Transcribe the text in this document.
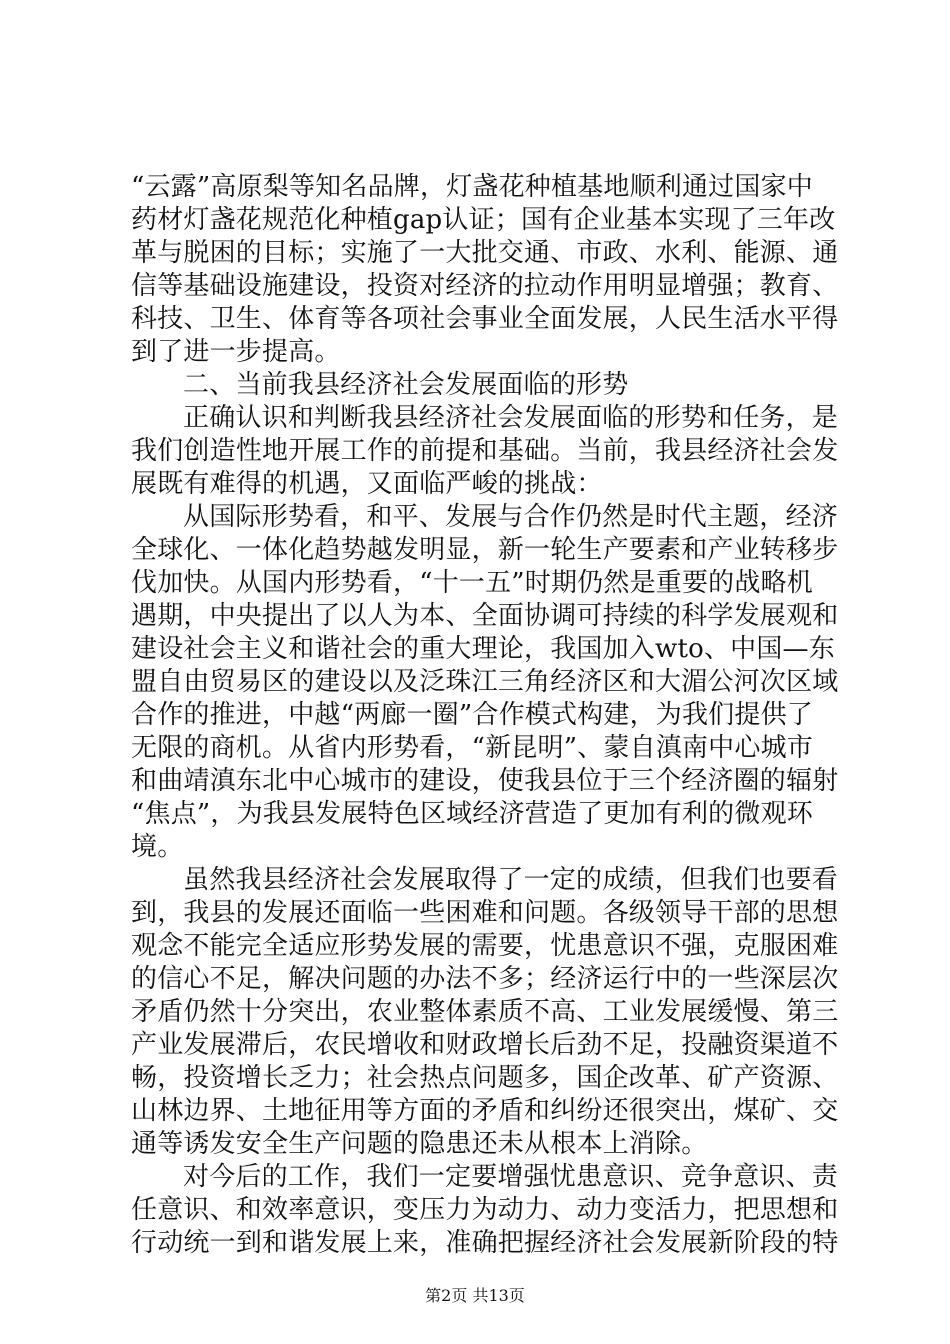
“云露”高原梨等知名品牌，灯盏花种植基地顺利通过国家中
药材灯盏花规范化种植gap认证；国有企业基本实现了三年改
革与脱困的目标；实施了一大批交通、市政、水利、能源、通
信等基础设施建设，投资对经济的拉动作用明显增强；教育、
科技、卫生、体育等各项社会事业全面发展，人民生活水平得
到了进一步提高。
二、当前我县经济社会发展面临的形势
正确认识和判断我县经济社会发展面临的形势和任务，是
我们创造性地开展工作的前提和基础。当前，我县经济社会发
展既有难得的机遇，又面临严峻的挑战：
从国际形势看，和平、发展与合作仍然是时代主题，经济
全球化、一体化趋势越发明显，新一轮生产要素和产业转移步
伐加快。从国内形势看，“十一五”时期仍然是重要的战略机
遇期，中央提出了以人为本、全面协调可持续的科学发展观和
建设社会主义和谐社会的重大理论，我国加入wto、中国—东
盟自由贸易区的建设以及泛珠江三角经济区和大湄公河次区域
合作的推进，中越“两廊一圈”合作模式构建，为我们提供了
无限的商机。从省内形势看，“新昆明”、蒙自滇南中心城市
和曲靖滇东北中心城市的建设，使我县位于三个经济圈的辐射
“焦点”，为我县发展特色区域经济营造了更加有利的微观环
境。
虽然我县经济社会发展取得了一定的成绩，但我们也要看
到，我县的发展还面临一些困难和问题。各级领导干部的思想
观念不能完全适应形势发展的需要，忧患意识不强，克服困难
的信心不足，解决问题的办法不多；经济运行中的一些深层次
矛盾仍然十分突出，农业整体素质不高、工业发展缓慢、第三
产业发展滞后，农民增收和财政增长后劲不足，投融资渠道不
畅，投资增长乏力；社会热点问题多，国企改革、矿产资源、
山林边界、土地征用等方面的矛盾和纠纷还很突出，煤矿、交
通等诱发安全生产问题的隐患还未从根本上消除。
对今后的工作，我们一定要增强忧患意识、竞争意识、责
任意识、和效率意识，变压力为动力、动力变活力，把思想和
行动统一到和谐发展上来，准确把握经济社会发展新阶段的特
第2页 共13页
